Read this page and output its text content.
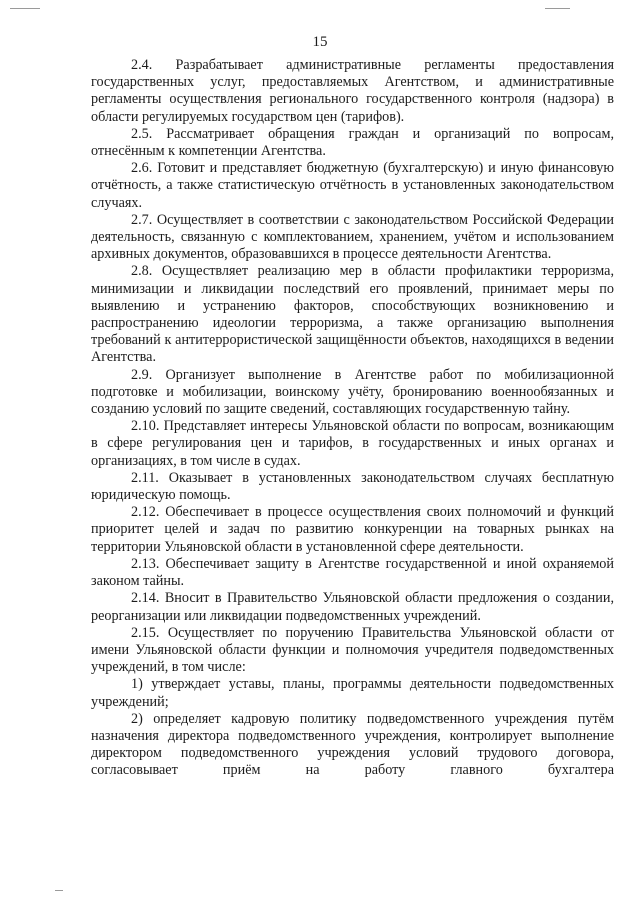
15

2.4. Разрабатывает административные регламенты предоставления государственных услуг, предоставляемых Агентством, и административные регламенты осуществления регионального государственного контроля (надзора) в области регулируемых государством цен (тарифов).

2.5. Рассматривает обращения граждан и организаций по вопросам, отнесённым к компетенции Агентства.

2.6. Готовит и представляет бюджетную (бухгалтерскую) и иную финансовую отчётность, а также статистическую отчётность в установленных законодательством случаях.

2.7. Осуществляет в соответствии с законодательством Российской Федерации деятельность, связанную с комплектованием, хранением, учётом и использованием архивных документов, образовавшихся в процессе деятельности Агентства.

2.8. Осуществляет реализацию мер в области профилактики терроризма, минимизации и ликвидации последствий его проявлений, принимает меры по выявлению и устранению факторов, способствующих возникновению и распространению идеологии терроризма, а также организацию выполнения требований к антитеррористической защищённости объектов, находящихся в ведении Агентства.

2.9. Организует выполнение в Агентстве работ по мобилизационной подготовке и мобилизации, воинскому учёту, бронированию военнообязанных и созданию условий по защите сведений, составляющих государственную тайну.

2.10. Представляет интересы Ульяновской области по вопросам, возникающим в сфере регулирования цен и тарифов, в государственных и иных органах и организациях, в том числе в судах.

2.11. Оказывает в установленных законодательством случаях бесплатную юридическую помощь.

2.12. Обеспечивает в процессе осуществления своих полномочий и функций приоритет целей и задач по развитию конкуренции на товарных рынках на территории Ульяновской области в установленной сфере деятельности.

2.13. Обеспечивает защиту в Агентстве государственной и иной охраняемой законом тайны.

2.14. Вносит в Правительство Ульяновской области предложения о создании, реорганизации или ликвидации подведомственных учреждений.

2.15. Осуществляет по поручению Правительства Ульяновской области от имени Ульяновской области функции и полномочия учредителя подведомственных учреждений, в том числе:

1) утверждает уставы, планы, программы деятельности подведомственных учреждений;

2) определяет кадровую политику подведомственного учреждения путём назначения директора подведомственного учреждения, контролирует выполнение директором подведомственного учреждения условий трудового договора, согласовывает приём на работу главного бухгалтера
